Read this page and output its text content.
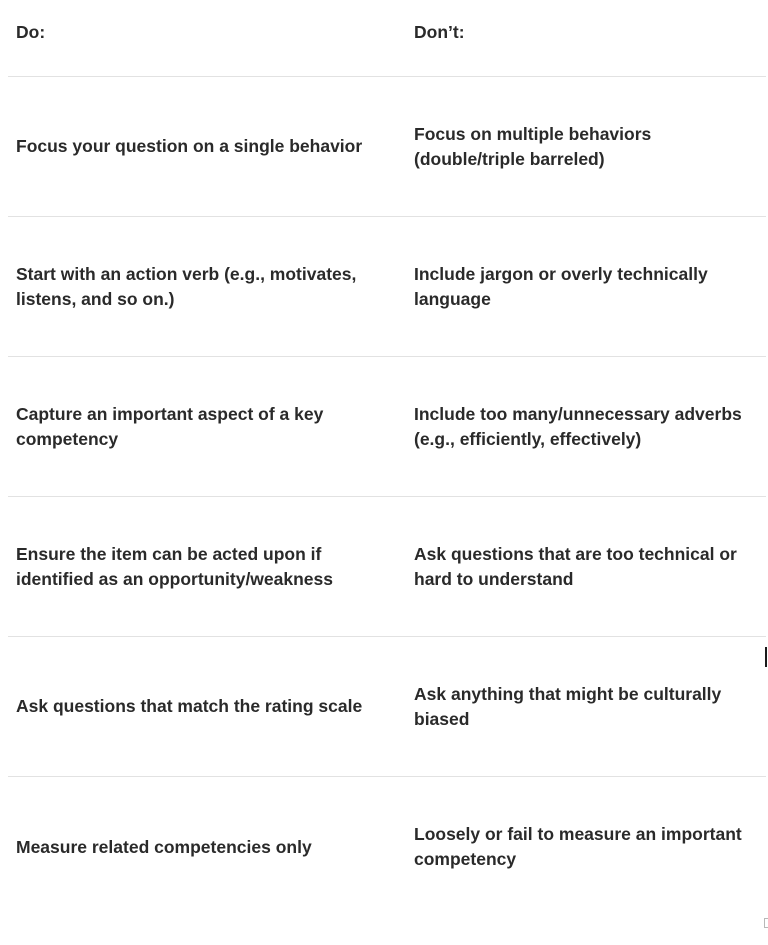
Do:	Don’t:
Focus your question on a single behavior
Focus on multiple behaviors (double/triple barreled)
Start with an action verb (e.g., motivates, listens, and so on.)
Include jargon or overly technically language
Capture an important aspect of a key competency
Include too many/unnecessary adverbs (e.g., efficiently, effectively)
Ensure the item can be acted upon if identified as an opportunity/weakness
Ask questions that are too technical or hard to understand
Ask questions that match the rating scale
Ask anything that might be culturally biased
Measure related competencies only
Loosely or fail to measure an important competency
